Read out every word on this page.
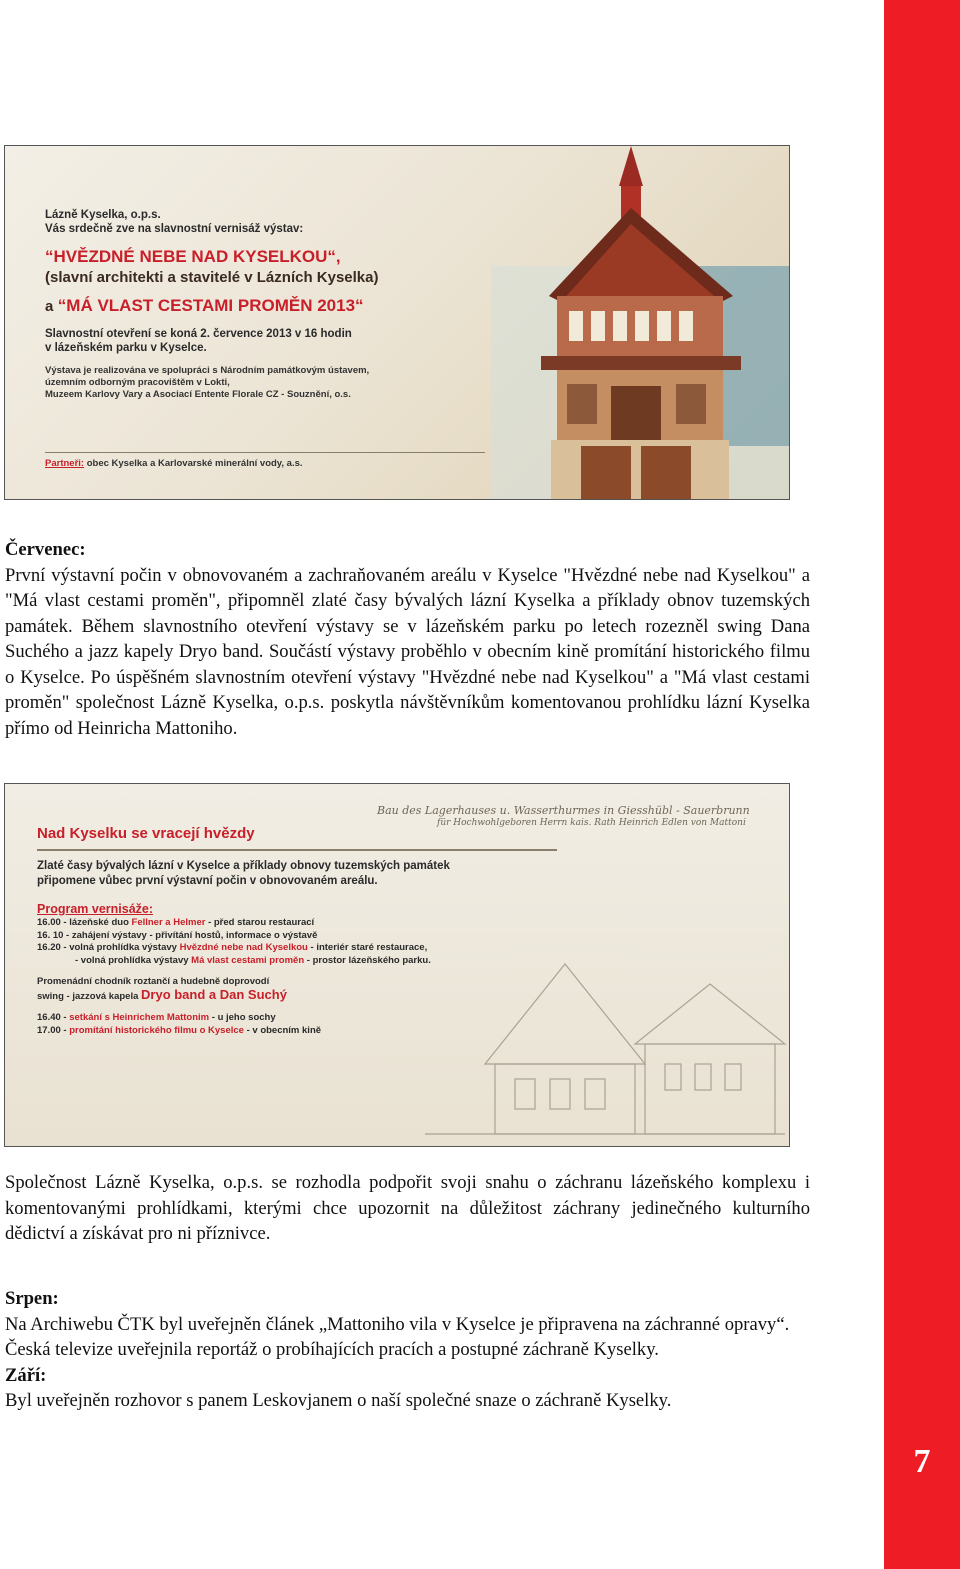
7
Lázně Kyselka, o.p.s.
Vás srdečně zve na slavnostní vernisáž výstav:
“HVĚZDNÉ NEBE NAD KYSELKOU“,
(slavní architekti a stavitelé v Lázních Kyselka)
a “MÁ VLAST CESTAMI PROMĚN 2013“
Slavnostní otevření se koná 2. července 2013 v 16 hodin
v lázeňském parku v Kyselce.
Výstava je realizována ve spolupráci s Národním památkovým ústavem,
územním odborným pracovištěm v Lokti,
Muzeem Karlovy Vary a Asociací Entente Florale CZ - Souznění, o.s.
Partneři: obec Kyselka a Karlovarské minerální vody, a.s.
Červenec:
První výstavní počin v obnovovaném a zachraňovaném areálu v Kyselce "Hvězdné nebe nad Kyselkou" a "Má vlast cestami proměn", připomněl zlaté časy bývalých lázní Kyselka a příklady obnov tuzemských památek. Během slavnostního otevření výstavy se v lázeňském parku po letech rozezněl swing Dana Suchého a jazz kapely Dryo band. Součástí výstavy proběhlo v obecním kině promítání historického filmu o Kyselce. Po úspěšném slavnostním otevření výstavy "Hvězdné nebe nad Kyselkou" a "Má vlast cestami proměn" společnost Lázně Kyselka, o.p.s. poskytla návštěvníkům komentovanou prohlídku lázní Kyselka přímo od Heinricha Mattoniho.
Bau des Lagerhauses u. Wasserthurmes in Giesshübl - Sauerbrunn
für Hochwohlgeboren Herrn kais. Rath Heinrich Edlen von Mattoni
Nad Kyselku se vracejí hvězdy
Zlaté časy bývalých lázní v Kyselce a příklady obnovy tuzemských památek
připomene vůbec první výstavní počin v obnovovaném areálu.
Program vernisáže:
16.00 - lázeňské duo Fellner a Helmer - před starou restaurací
16. 10 - zahájení výstavy - přivítání hostů, informace o výstavě
16.20 - volná prohlídka výstavy Hvězdné nebe nad Kyselkou - interiér staré restaurace,
- volná prohlídka výstavy Má vlast cestami proměn - prostor lázeňského parku.
Promenádní chodník roztančí a hudebně doprovodí
swing - jazzová kapela Dryo band a Dan Suchý
16.40 - setkání s Heinrichem Mattonim - u jeho sochy
17.00 - promítání historického filmu o Kyselce - v obecním kině
Společnost Lázně Kyselka, o.p.s. se rozhodla podpořit svoji snahu o záchranu lázeňského komplexu i komentovanými prohlídkami, kterými chce upozornit na důležitost záchrany jedinečného kulturního dědictví a získávat pro ni příznivce.
Srpen:
Na Archiwebu ČTK byl uveřejněn článek „Mattoniho vila v Kyselce je připravena na záchranné opravy“.
Česká televize uveřejnila reportáž o probíhajících pracích a postupné záchraně Kyselky.
Září:
Byl uveřejněn rozhovor s panem Leskovjanem o naší společné snaze o záchraně Kyselky.
